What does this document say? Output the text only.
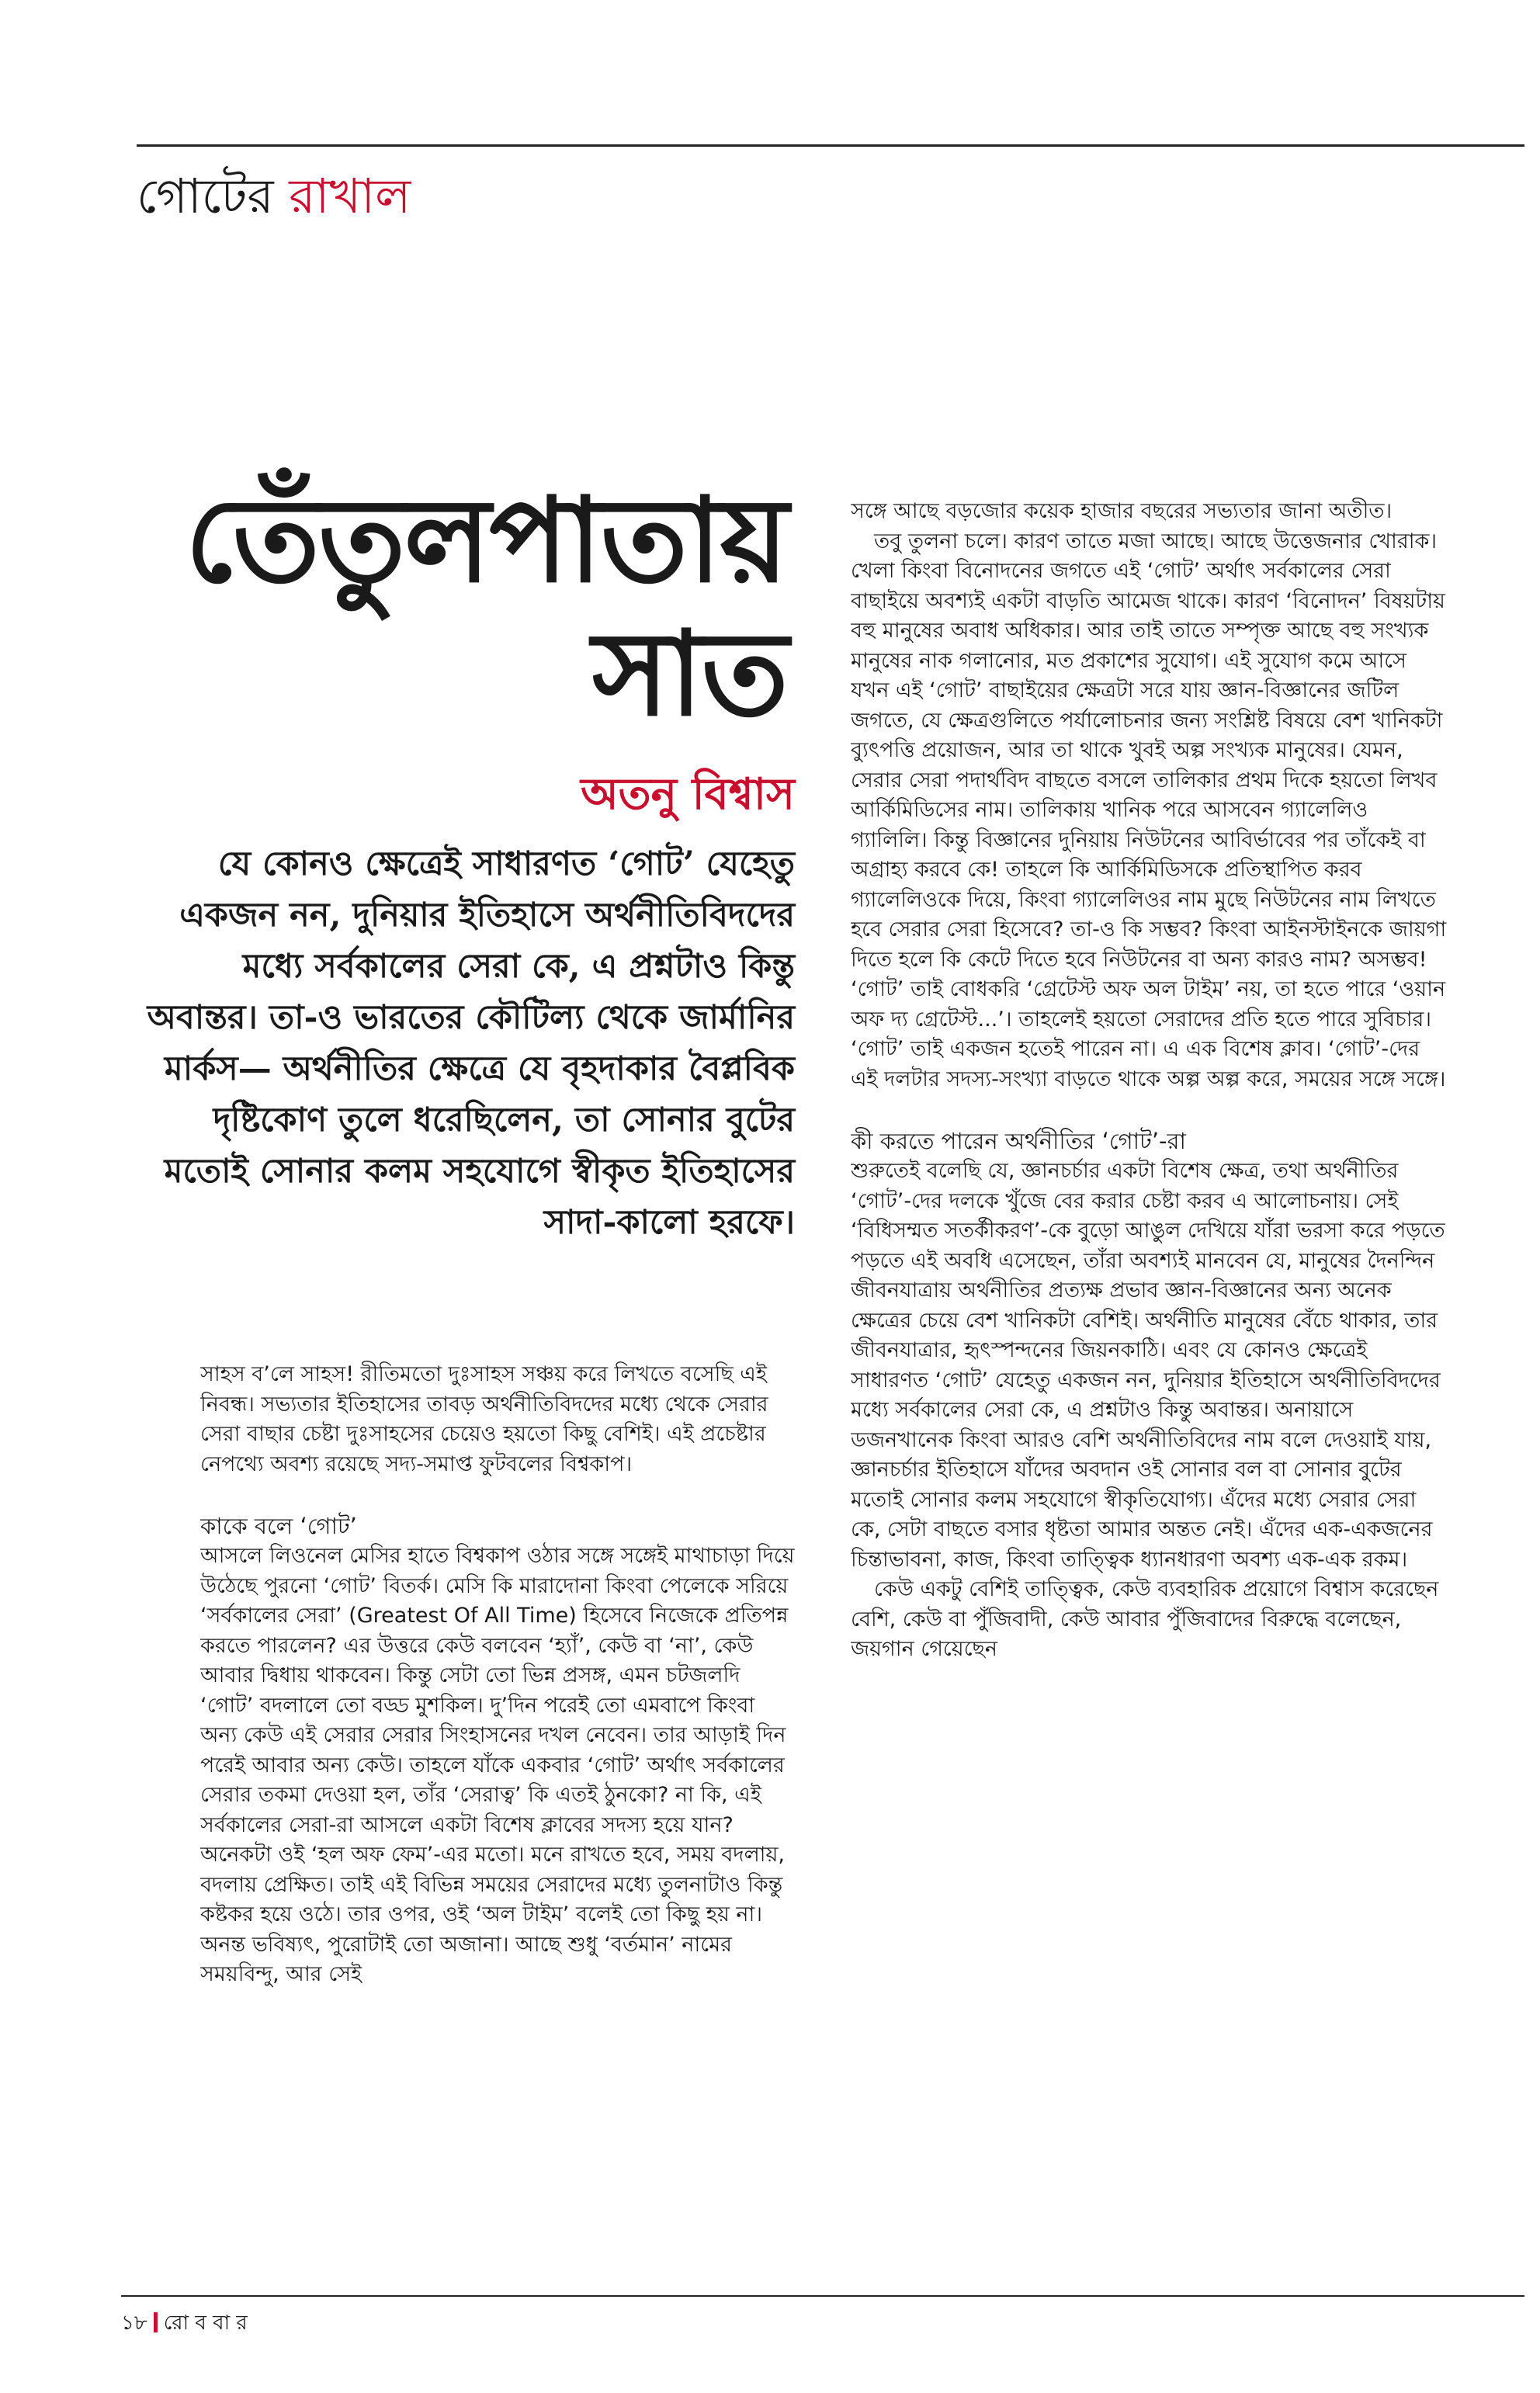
গোটের রাখাল
তেঁতুলপাতায়
সাত
অতনু বিশ্বাস

যে কোনও ক্ষেত্রেই সাধারণত ‘গোট’ যেহেতু একজন নন, দুনিয়ার ইতিহাসে অর্থনীতিবিদদের মধ্যে সর্বকালের সেরা কে, এ প্রশ্নটাও কিন্তু অবান্তর। তা-ও ভারতের কৌটিল্য থেকে জার্মানির মার্কস— অর্থনীতির ক্ষেত্রে যে বৃহদাকার বৈপ্লবিক দৃষ্টিকোণ তুলে ধরেছিলেন, তা সোনার বুটের মতোই সোনার কলম সহযোগে স্বীকৃত ইতিহাসের সাদা-কালো হরফে।

সাহস ব’লে সাহস! রীতিমতো দুঃসাহস সঞ্চয় করে লিখতে বসেছি এই নিবন্ধ। সভ্যতার ইতিহাসের তাবড় অর্থনীতিবিদদের মধ্যে থেকে সেরার সেরা বাছার চেষ্টা দুঃসাহসের চেয়েও হয়তো কিছু বেশিই। এই প্রচেষ্টার নেপথ্যে অবশ্য রয়েছে সদ্য-সমাপ্ত ফুটবলের বিশ্বকাপ।

কাকে বলে ‘গোট’

আসলে লিওনেল মেসির হাতে বিশ্বকাপ ওঠার সঙ্গে সঙ্গেই মাথাচাড়া দিয়ে উঠেছে পুরনো ‘গোট’ বিতর্ক। মেসি কি মারাদোনা কিংবা পেলেকে সরিয়ে ‘সর্বকালের সেরা’ (Greatest Of All Time) হিসেবে নিজেকে প্রতিপন্ন করতে পারলেন? এর উত্তরে কেউ বলবেন ‘হ্যাঁ’, কেউ বা ‘না’, কেউ আবার দ্বিধায় থাকবেন। কিন্তু সেটা তো ভিন্ন প্রসঙ্গ, এমন চটজলদি ‘গোট’ বদলালে তো বড্ড মুশকিল। দু’দিন পরেই তো এমবাপে কিংবা অন্য কেউ এই সেরার সেরার সিংহাসনের দখল নেবেন। তার আড়াই দিন পরেই আবার অন্য কেউ। তাহলে যাঁকে একবার ‘গোট’ অর্থাৎ সর্বকালের সেরার তকমা দেওয়া হল, তাঁর ‘সেরাত্ব’ কি এতই ঠুনকো? না কি, এই সর্বকালের সেরা-রা আসলে একটা বিশেষ ক্লাবের সদস্য হয়ে যান? অনেকটা ওই ‘হল অফ ফেম’-এর মতো। মনে রাখতে হবে, সময় বদলায়, বদলায় প্রেক্ষিত। তাই এই বিভিন্ন সময়ের সেরাদের মধ্যে তুলনাটাও কিন্তু কষ্টকর হয়ে ওঠে। তার ওপর, ওই ‘অল টাইম’ বলেই তো কিছু হয় না। অনন্ত ভবিষ্যৎ, পুরোটাই তো অজানা। আছে শুধু ‘বর্তমান’ নামের সময়বিন্দু, আর সেই

সঙ্গে আছে বড়জোর কয়েক হাজার বছরের সভ্যতার জানা অতীত।

তবু তুলনা চলে। কারণ তাতে মজা আছে। আছে উত্তেজনার খোরাক। খেলা কিংবা বিনোদনের জগতে এই ‘গোট’ অর্থাৎ সর্বকালের সেরা বাছাইয়ে অবশ্যই একটা বাড়তি আমেজ থাকে। কারণ ‘বিনোদন’ বিষয়টায় বহু মানুষের অবাধ অধিকার। আর তাই তাতে সম্পৃক্ত আছে বহু সংখ্যক মানুষের নাক গলানোর, মত প্রকাশের সুযোগ। এই সুযোগ কমে আসে যখন এই ‘গোট’ বাছাইয়ের ক্ষেত্রটা সরে যায় জ্ঞান-বিজ্ঞানের জটিল জগতে, যে ক্ষেত্রগুলিতে পর্যালোচনার জন্য সংশ্লিষ্ট বিষয়ে বেশ খানিকটা ব্যুৎপত্তি প্রয়োজন, আর তা থাকে খুবই অল্প সংখ্যক মানুষের। যেমন, সেরার সেরা পদার্থবিদ বাছতে বসলে তালিকার প্রথম দিকে হয়তো লিখব আর্কিমিডিসের নাম। তালিকায় খানিক পরে আসবেন গ্যালেলিও গ্যালিলি। কিন্তু বিজ্ঞানের দুনিয়ায় নিউটনের আবির্ভাবের পর তাঁকেই বা অগ্রাহ্য করবে কে! তাহলে কি আর্কিমিডিসকে প্রতিস্থাপিত করব গ্যালেলিওকে দিয়ে, কিংবা গ্যালেলিওর নাম মুছে নিউটনের নাম লিখতে হবে সেরার সেরা হিসেবে? তা-ও কি সম্ভব? কিংবা আইনস্টাইনকে জায়গা দিতে হলে কি কেটে দিতে হবে নিউটনের বা অন্য কারও নাম? অসম্ভব! ‘গোট’ তাই বোধকরি ‘গ্রেটেস্ট অফ অল টাইম’ নয়, তা হতে পারে ‘ওয়ান অফ দ্য গ্রেটেস্ট...’। তাহলেই হয়তো সেরাদের প্রতি হতে পারে সুবিচার। ‘গোট’ তাই একজন হতেই পারেন না। এ এক বিশেষ ক্লাব। ‘গোট’-দের এই দলটার সদস্য-সংখ্যা বাড়তে থাকে অল্প অল্প করে, সময়ের সঙ্গে সঙ্গে।

কী করতে পারেন অর্থনীতির ‘গোট’-রা

শুরুতেই বলেছি যে, জ্ঞানচর্চার একটা বিশেষ ক্ষেত্র, তথা অর্থনীতির ‘গোট’-দের দলকে খুঁজে বের করার চেষ্টা করব এ আলোচনায়। সেই ‘বিধিসম্মত সতর্কীকরণ’-কে বুড়ো আঙুল দেখিয়ে যাঁরা ভরসা করে পড়তে পড়তে এই অবধি এসেছেন, তাঁরা অবশ্যই মানবেন যে, মানুষের দৈনন্দিন জীবনযাত্রায় অর্থনীতির প্রত্যক্ষ প্রভাব জ্ঞান-বিজ্ঞানের অন্য অনেক ক্ষেত্রের চেয়ে বেশ খানিকটা বেশিই। অর্থনীতি মানুষের বেঁচে থাকার, তার জীবনযাত্রার, হৃৎস্পন্দনের জিয়নকাঠি। এবং যে কোনও ক্ষেত্রেই সাধারণত ‘গোট’ যেহেতু একজন নন, দুনিয়ার ইতিহাসে অর্থনীতিবিদদের মধ্যে সর্বকালের সেরা কে, এ প্রশ্নটাও কিন্তু অবান্তর। অনায়াসে ডজনখানেক কিংবা আরও বেশি অর্থনীতিবিদের নাম বলে দেওয়াই যায়, জ্ঞানচর্চার ইতিহাসে যাঁদের অবদান ওই সোনার বল বা সোনার বুটের মতোই সোনার কলম সহযোগে স্বীকৃতিযোগ্য। এঁদের মধ্যে সেরার সেরা কে, সেটা বাছতে বসার ধৃষ্টতা আমার অন্তত নেই। এঁদের এক-একজনের চিন্তাভাবনা, কাজ, কিংবা তাত্ত্বিক ধ্যানধারণা অবশ্য এক-এক রকম।

কেউ একটু বেশিই তাত্ত্বিক, কেউ ব্যবহারিক প্রয়োগে বিশ্বাস করেছেন বেশি, কেউ বা পুঁজিবাদী, কেউ আবার পুঁজিবাদের বিরুদ্ধে বলেছেন, জয়গান গেয়েছেন

১৮ রো ব বা র
